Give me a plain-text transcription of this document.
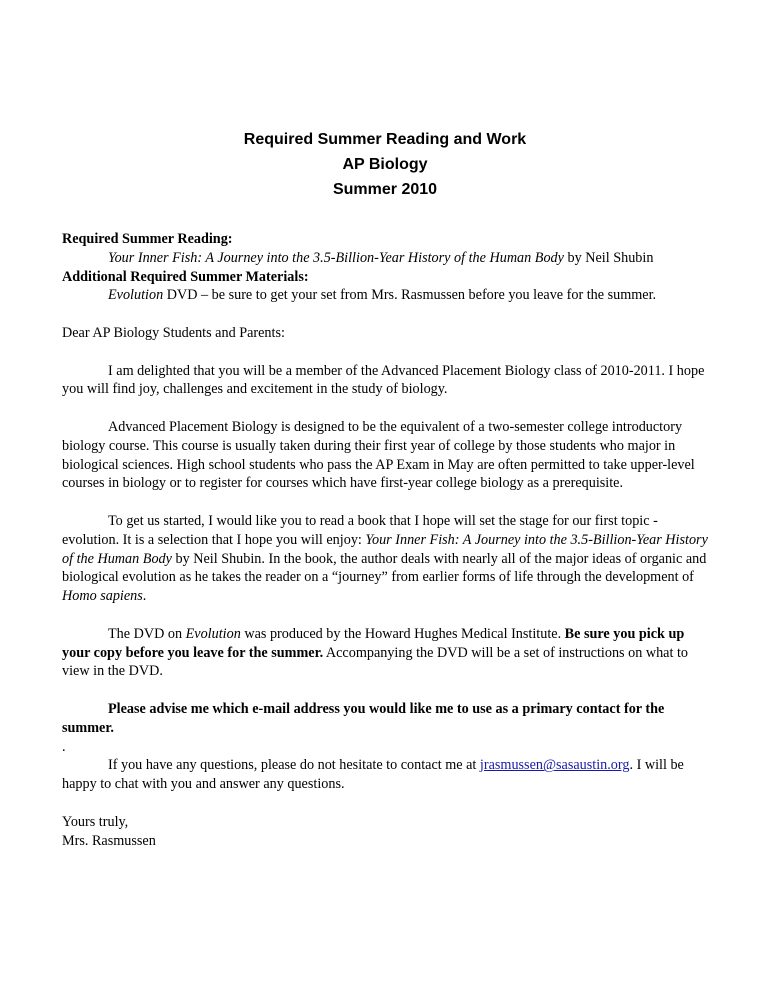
Required Summer Reading and Work
AP Biology
Summer 2010

Required Summer Reading:

Your Inner Fish: A Journey into the 3.5-Billion-Year History of the Human Body by Neil Shubin

Additional Required Summer Materials:

Evolution DVD – be sure to get your set from Mrs. Rasmussen before you leave for the summer.

Dear AP Biology Students and Parents:

I am delighted that you will be a member of the Advanced Placement Biology class of 2010-2011. I hope you will find joy, challenges and excitement in the study of biology.

Advanced Placement Biology is designed to be the equivalent of a two-semester college introductory biology course. This course is usually taken during their first year of college by those students who major in biological sciences. High school students who pass the AP Exam in May are often permitted to take upper-level courses in biology or to register for courses which have first-year college biology as a prerequisite.

To get us started, I would like you to read a book that I hope will set the stage for our first topic - evolution. It is a selection that I hope you will enjoy: Your Inner Fish: A Journey into the 3.5-Billion-Year History of the Human Body by Neil Shubin. In the book, the author deals with nearly all of the major ideas of organic and biological evolution as he takes the reader on a “journey” from earlier forms of life through the development of Homo sapiens.

The DVD on Evolution was produced by the Howard Hughes Medical Institute. Be sure you pick up your copy before you leave for the summer. Accompanying the DVD will be a set of instructions on what to view in the DVD.

Please advise me which e-mail address you would like me to use as a primary contact for the summer.

.

If you have any questions, please do not hesitate to contact me at jrasmussen@sasaustin.org. I will be happy to chat with you and answer any questions.

Yours truly,

Mrs. Rasmussen
